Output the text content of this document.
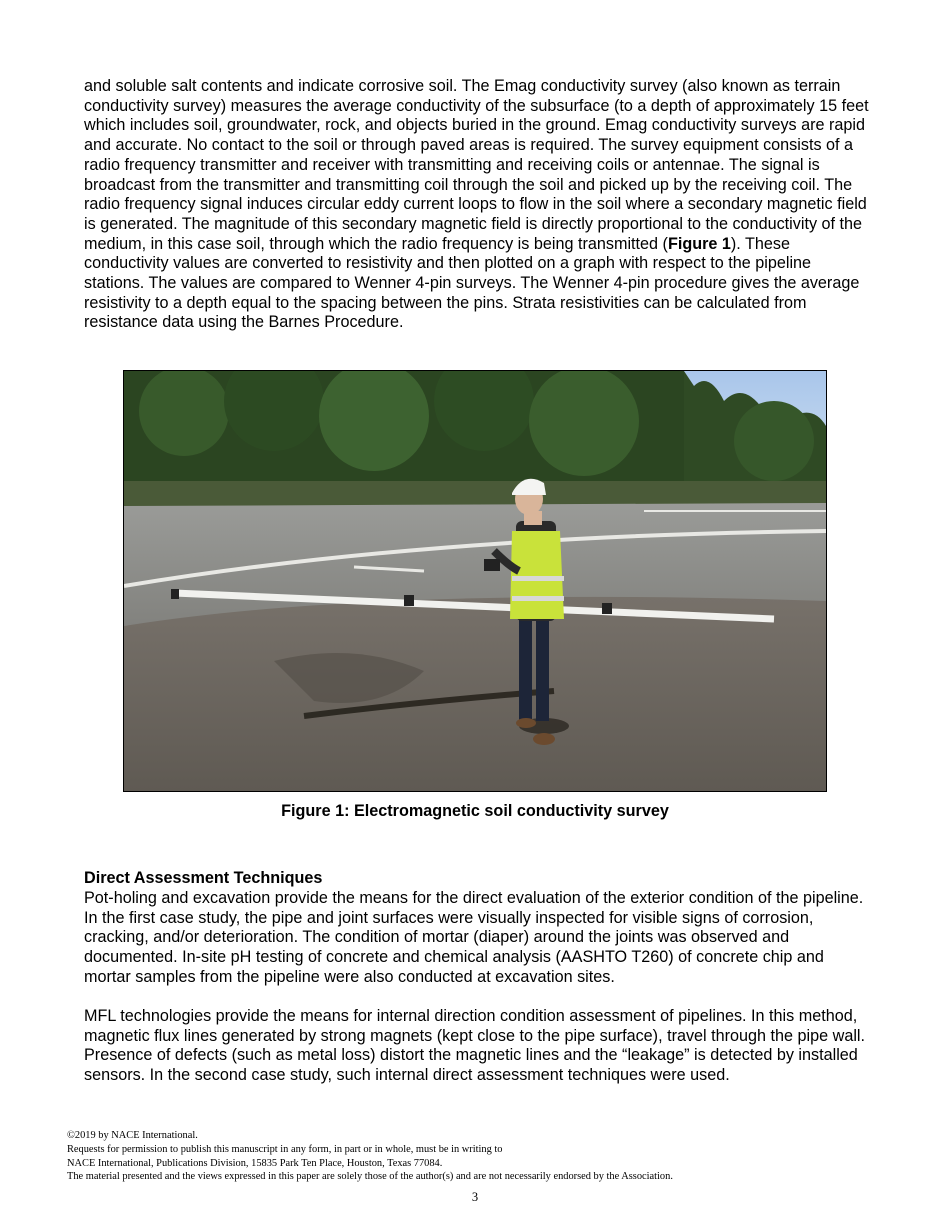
and soluble salt contents and indicate corrosive soil. The Emag conductivity survey (also known as terrain conductivity survey) measures the average conductivity of the subsurface (to a depth of approximately 15 feet which includes soil, groundwater, rock, and objects buried in the ground. Emag conductivity surveys are rapid and accurate. No contact to the soil or through paved areas is required. The survey equipment consists of a radio frequency transmitter and receiver with transmitting and receiving coils or antennae. The signal is broadcast from the transmitter and transmitting coil through the soil and picked up by the receiving coil. The radio frequency signal induces circular eddy current loops to flow in the soil where a secondary magnetic field is generated. The magnitude of this secondary magnetic field is directly proportional to the conductivity of the medium, in this case soil, through which the radio frequency is being transmitted (Figure 1). These conductivity values are converted to resistivity and then plotted on a graph with respect to the pipeline stations. The values are compared to Wenner 4-pin surveys. The Wenner 4-pin procedure gives the average resistivity to a depth equal to the spacing between the pins. Strata resistivities can be calculated from resistance data using the Barnes Procedure.

Figure 1: Electromagnetic soil conductivity survey

Direct Assessment Techniques

Pot-holing and excavation provide the means for the direct evaluation of the exterior condition of the pipeline. In the first case study, the pipe and joint surfaces were visually inspected for visible signs of corrosion, cracking, and/or deterioration. The condition of mortar (diaper) around the joints was observed and documented. In-site pH testing of concrete and chemical analysis (AASHTO T260) of concrete chip and mortar samples from the pipeline were also conducted at excavation sites.

MFL technologies provide the means for internal direction condition assessment of pipelines. In this method, magnetic flux lines generated by strong magnets (kept close to the pipe surface), travel through the pipe wall. Presence of defects (such as metal loss) distort the magnetic lines and the “leakage” is detected by installed sensors. In the second case study, such internal direct assessment techniques were used.

©2019 by NACE International.
Requests for permission to publish this manuscript in any form, in part or in whole, must be in writing to
NACE International, Publications Division, 15835 Park Ten Place, Houston, Texas 77084.
The material presented and the views expressed in this paper are solely those of the author(s) and are not necessarily endorsed by the Association.

3
